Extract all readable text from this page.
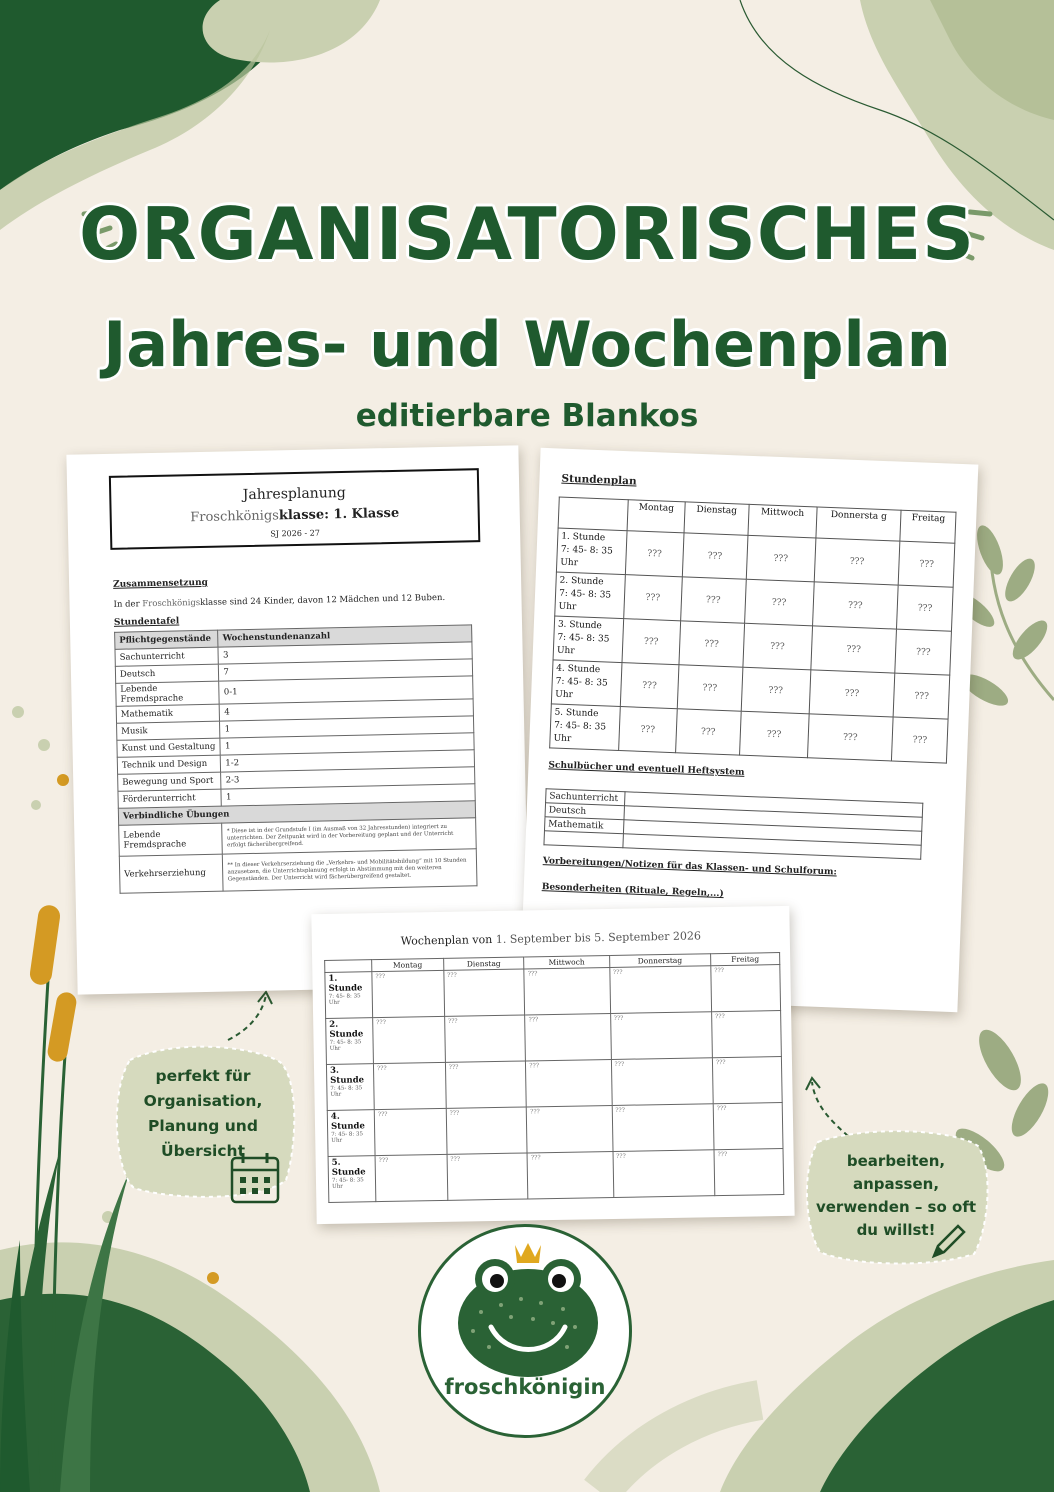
ORGANISATORISCHES
Jahres- und Wochenplan
editierbare Blankos
Jahresplanung
Froschkönigsklasse: 1. Klasse
SJ 2026 - 27
Zusammensetzung
In der Froschkönigsklasse sind 24 Kinder, davon 12 Mädchen und 12 Buben.
Stundentafel
Pflichtgegenstände	Wochenstundenanzahl
Sachunterricht	3
Deutsch	7
Lebende Fremdsprache	0-1
Mathematik	4
Musik	1
Kunst und Gestaltung	1
Technik und Design	1-2
Bewegung und Sport	2-3
Förderunterricht	1
Verbindliche Übungen	
Lebende Fremdsprache	* Diese ist in der Grundstufe I (im Ausmaß von 32 Jahresstunden) integriert zu unterrichten. Der Zeitpunkt wird in der Vorbereitung geplant und der Unterricht erfolgt fächerübergreifend.
Verkehrserziehung	** In dieser Verkehrserziehung die „Verkehrs- und Mobilitätsbildung“ mit 10 Stunden anzusetzen, die Unterrichtsplanung erfolgt in Abstimmung mit den weiteren Gegenständen. Der Unterricht wird fächerübergreifend gestaltet.
Stundenplan
	Montag	Dienstag	Mittwoch	Donnersta g	Freitag
1. Stunde
7: 45- 8: 35 Uhr	???	???	???	???	???
2. Stunde
7: 45- 8: 35 Uhr	???	???	???	???	???
3. Stunde
7: 45- 8: 35 Uhr	???	???	???	???	???
4. Stunde
7: 45- 8: 35 Uhr	???	???	???	???	???
5. Stunde
7: 45- 8: 35 Uhr	???	???	???	???	???
Schulbücher und eventuell Heftsystem
Sachunterricht	
Deutsch	
Mathematik	

Vorbereitungen/Notizen für das Klassen- und Schulforum:
Besonderheiten (Rituale, Regeln,...)
Wochenplan von 1. September bis 5. September 2026
	Montag	Dienstag	Mittwoch	Donnerstag	Freitag
1. Stunde
7: 45- 8: 35 Uhr	???	???	???	???	???
2. Stunde
7: 45- 8: 35 Uhr	???	???	???	???	???
3. Stunde
7: 45- 8: 35 Uhr	???	???	???	???	???
4. Stunde
7: 45- 8: 35 Uhr	???	???	???	???	???
5. Stunde
7: 45- 8: 35 Uhr	???	???	???	???	???
perfekt für Organisation, Planung und Übersicht
bearbeiten, anpassen, verwenden – so oft du willst!
froschkönigin
